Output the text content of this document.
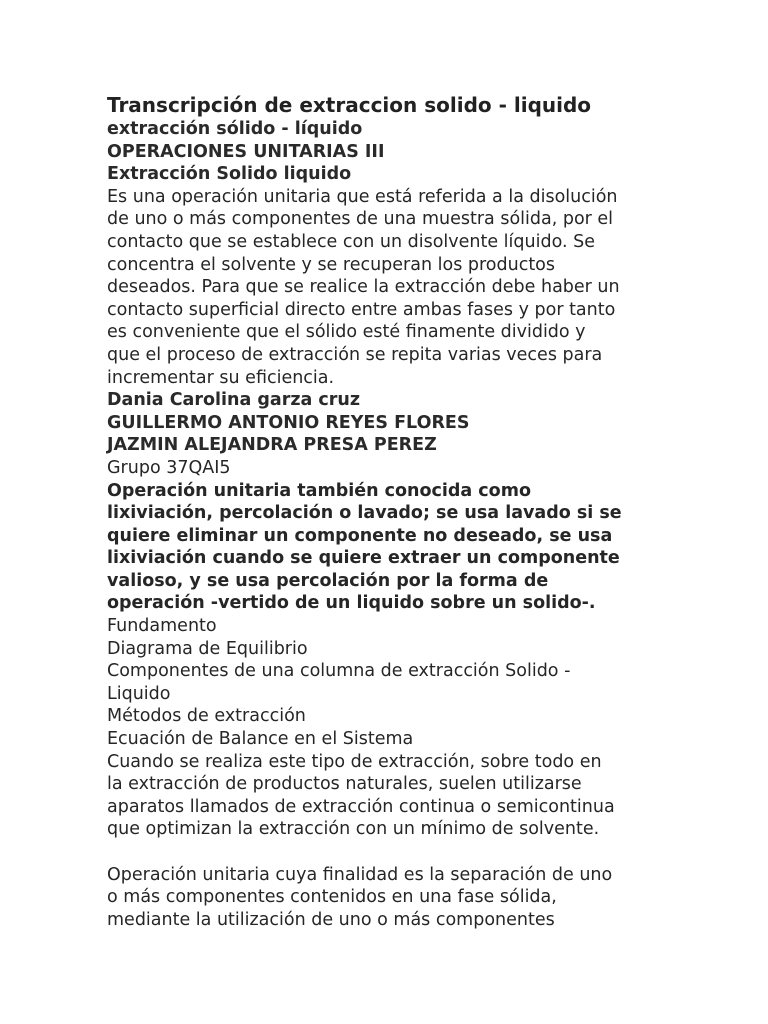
Transcripción de extraccion solido - liquido
extracción sólido - líquido
OPERACIONES UNITARIAS III
Extracción Solido liquido
Es una operación unitaria que está referida a la disolución
de uno o más componentes de una muestra sólida, por el
contacto que se establece con un disolvente líquido. Se
concentra el solvente y se recuperan los productos
deseados. Para que se realice la extracción debe haber un
contacto superficial directo entre ambas fases y por tanto
es conveniente que el sólido esté finamente dividido y
que el proceso de extracción se repita varias veces para
incrementar su eficiencia.
Dania Carolina garza cruz
GUILLERMO ANTONIO REYES FLORES
JAZMIN ALEJANDRA PRESA PEREZ
Grupo 37QAI5
Operación unitaria también conocida como
lixiviación, percolación o lavado; se usa lavado si se
quiere eliminar un componente no deseado, se usa
lixiviación cuando se quiere extraer un componente
valioso, y se usa percolación por la forma de
operación -vertido de un liquido sobre un solido-.
Fundamento
Diagrama de Equilibrio
Componentes de una columna de extracción Solido -
Liquido
Métodos de extracción
Ecuación de Balance en el Sistema
Cuando se realiza este tipo de extracción, sobre todo en
la extracción de productos naturales, suelen utilizarse
aparatos llamados de extracción continua o semicontinua
que optimizan la extracción con un mínimo de solvente.
Operación unitaria cuya finalidad es la separación de uno
o más componentes contenidos en una fase sólida,
mediante la utilización de uno o más componentes
